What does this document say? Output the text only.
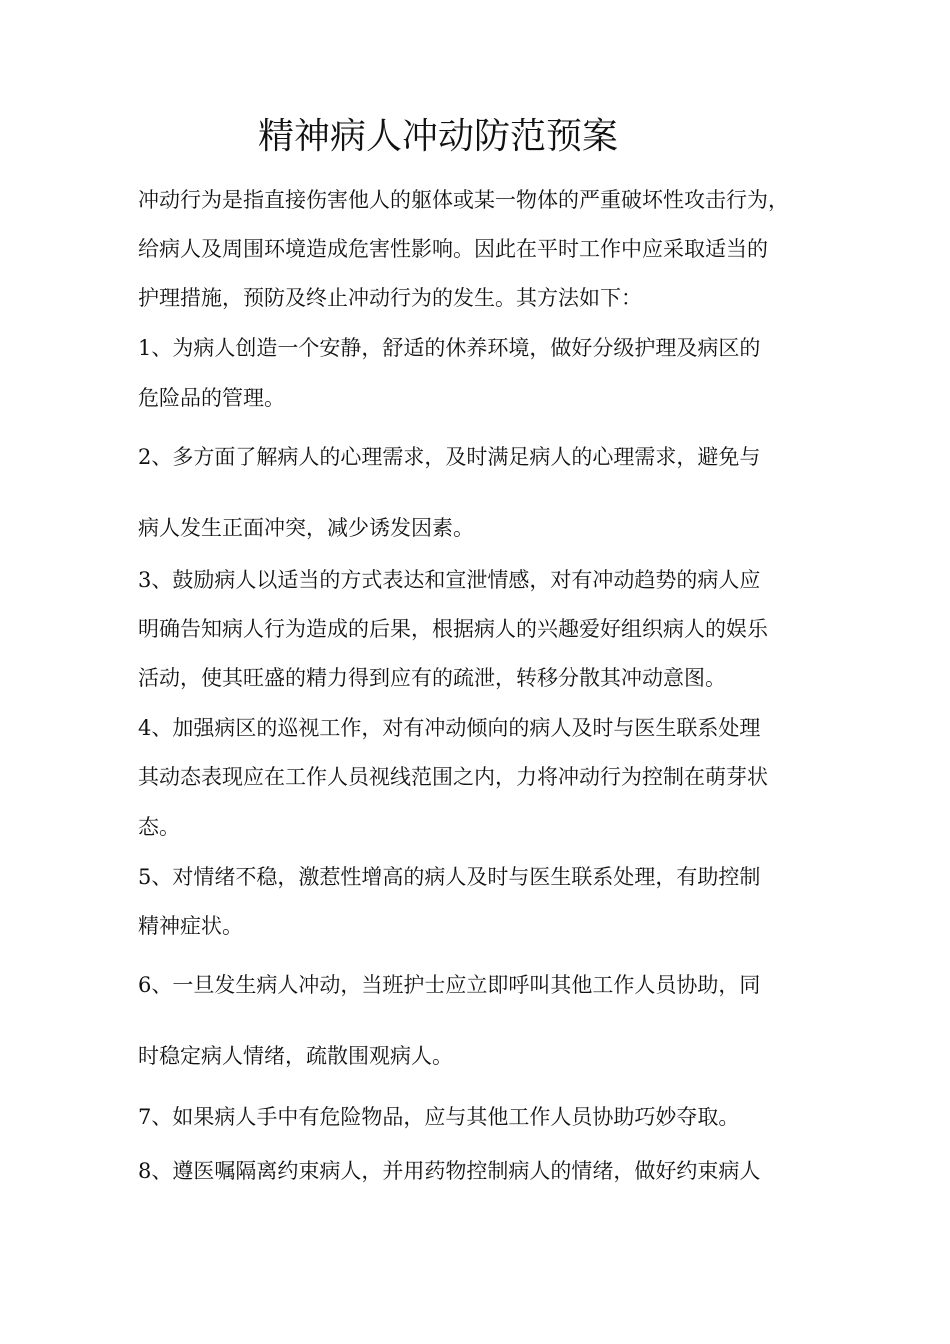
精神病人冲动防范预案
冲动行为是指直接伤害他人的躯体或某一物体的严重破坏性攻击行为，
给病人及周围环境造成危害性影响。因此在平时工作中应采取适当的
护理措施，预防及终止冲动行为的发生。其方法如下：
1、为病人创造一个安静，舒适的休养环境，做好分级护理及病区的
危险品的管理。
2、多方面了解病人的心理需求，及时满足病人的心理需求，避免与
病人发生正面冲突，减少诱发因素。
3、鼓励病人以适当的方式表达和宣泄情感，对有冲动趋势的病人应
明确告知病人行为造成的后果，根据病人的兴趣爱好组织病人的娱乐
活动，使其旺盛的精力得到应有的疏泄，转移分散其冲动意图。
4、加强病区的巡视工作，对有冲动倾向的病人及时与医生联系处理
其动态表现应在工作人员视线范围之内，力将冲动行为控制在萌芽状
态。
5、对情绪不稳，激惹性增高的病人及时与医生联系处理，有助控制
精神症状。
6、一旦发生病人冲动，当班护士应立即呼叫其他工作人员协助，同
时稳定病人情绪，疏散围观病人。
7、如果病人手中有危险物品，应与其他工作人员协助巧妙夺取。
8、遵医嘱隔离约束病人，并用药物控制病人的情绪，做好约束病人
